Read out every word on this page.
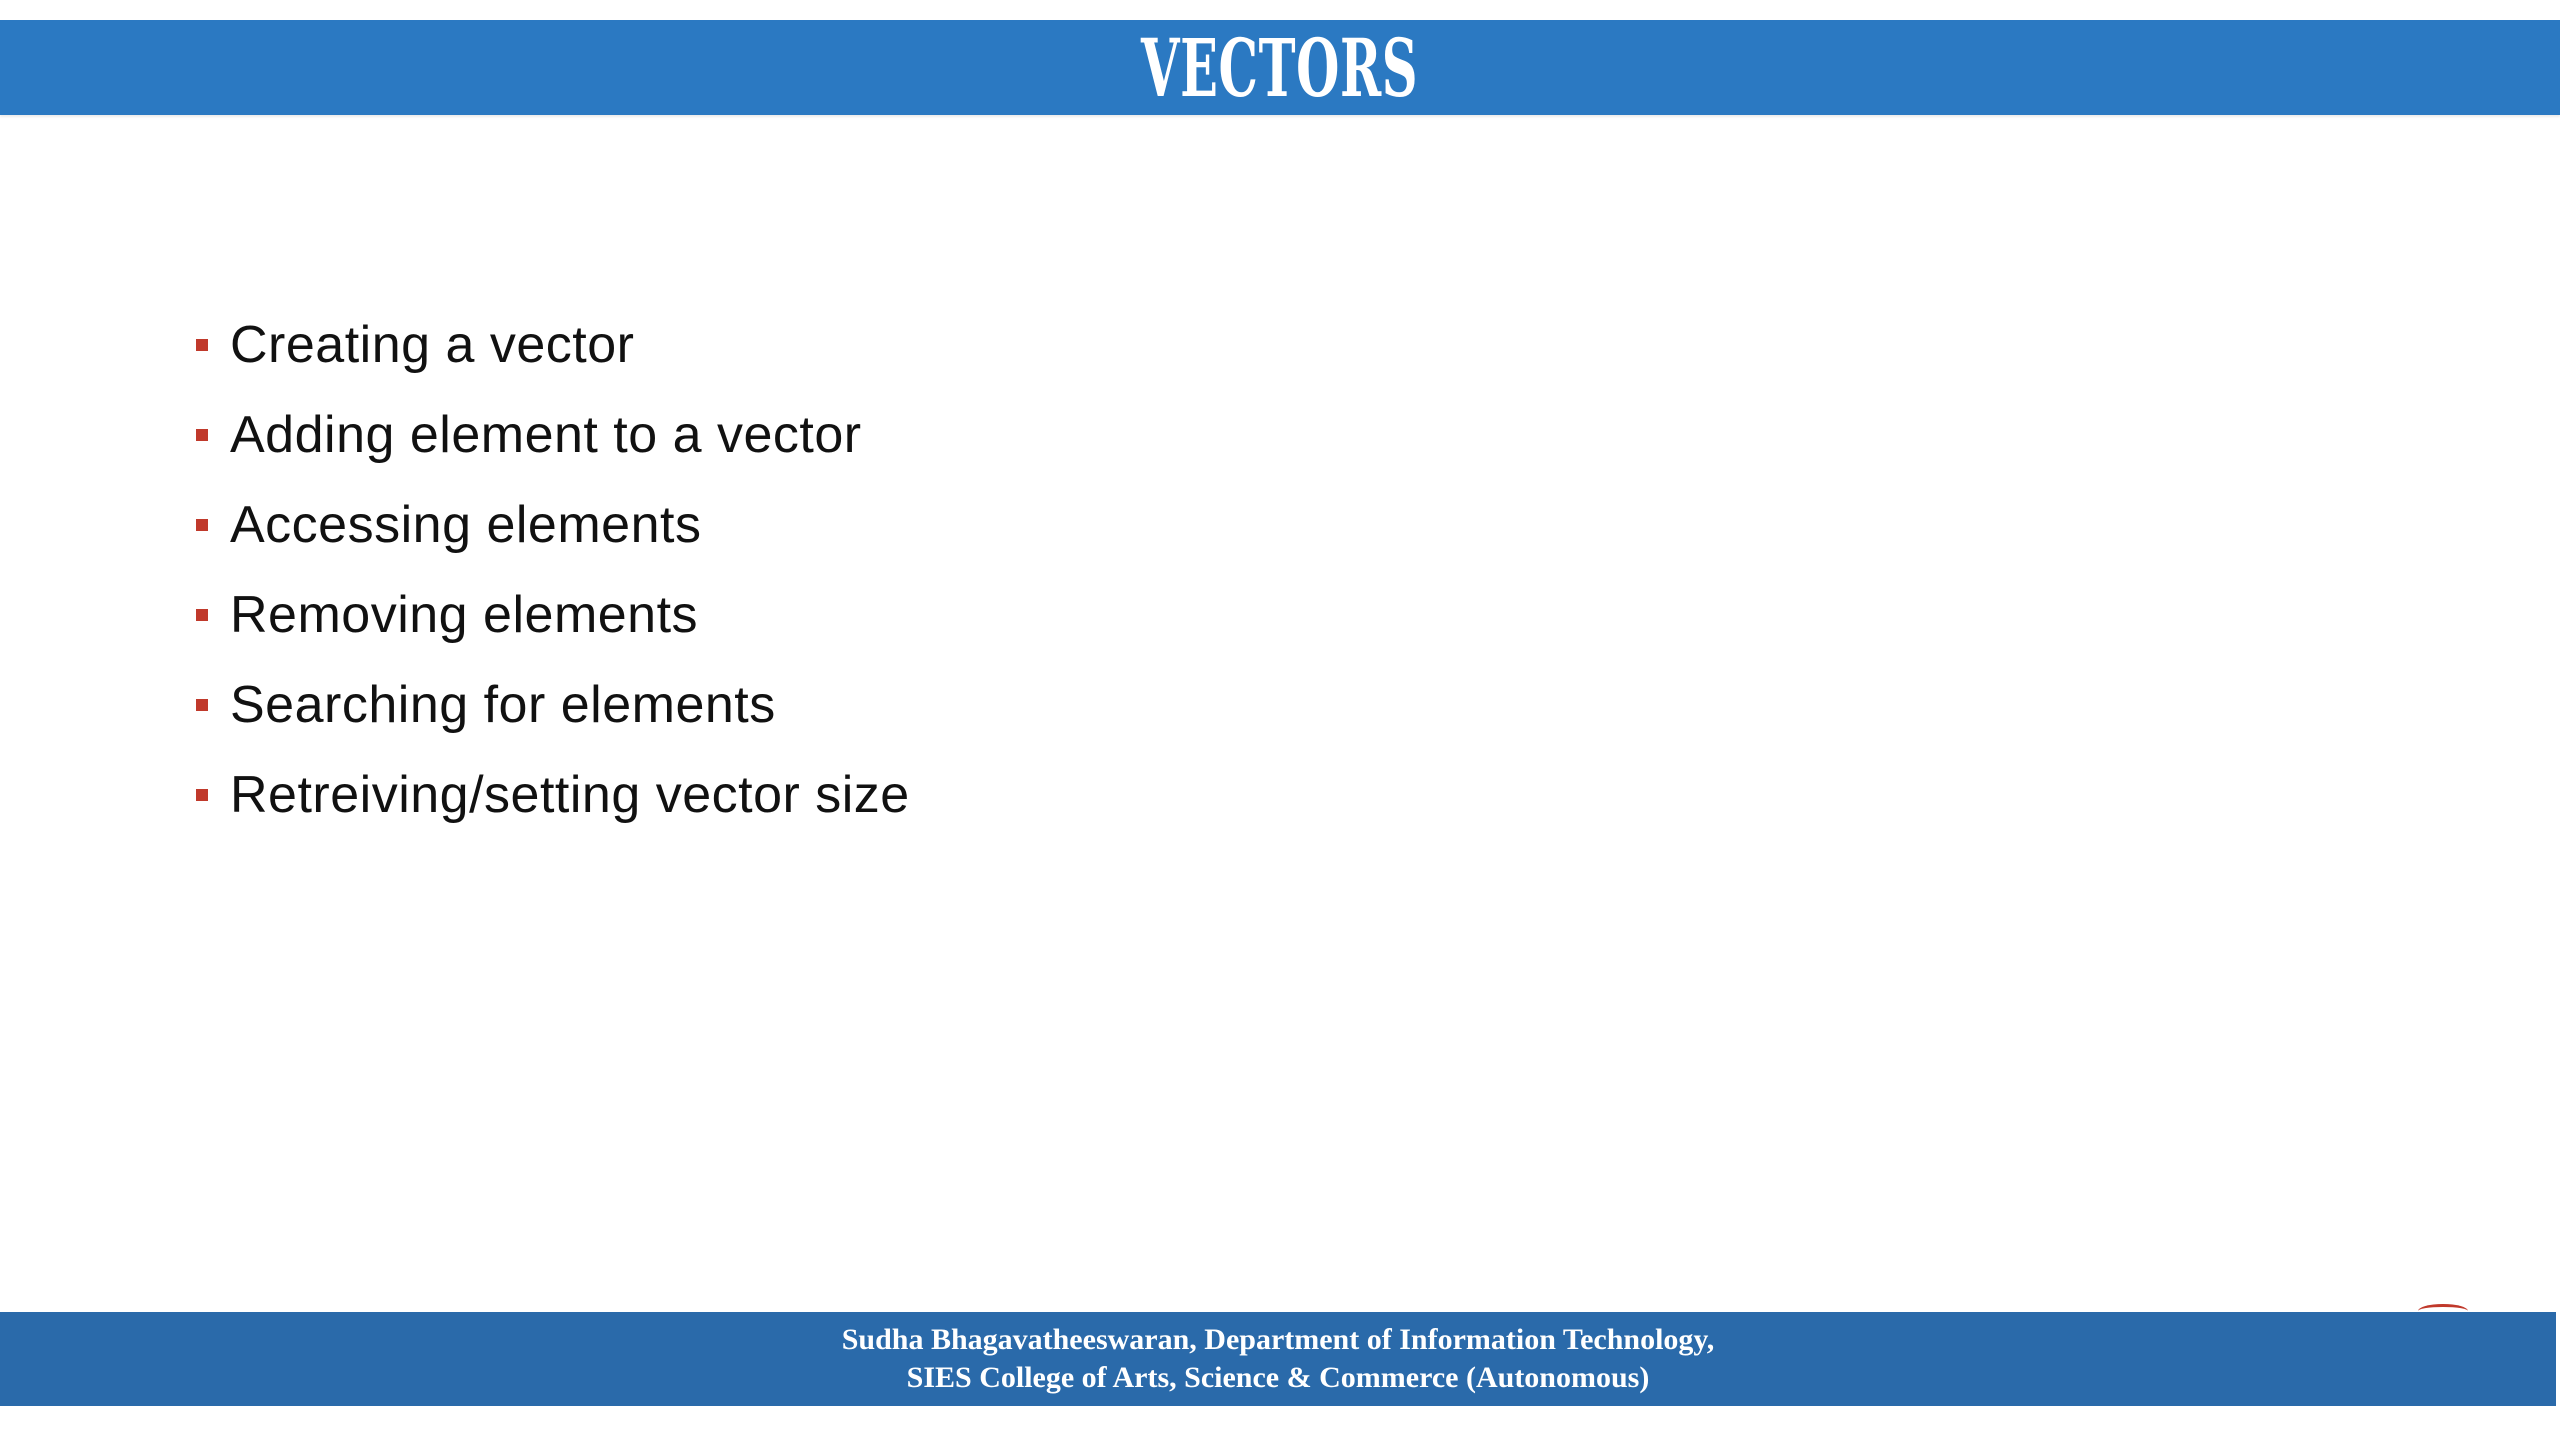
VECTORS
Creating a vector
Adding element to a vector
Accessing elements
Removing elements
Searching for elements
Retreiving/setting vector size
Sudha Bhagavatheeswaran, Department of Information Technology,
SIES College of Arts, Science & Commerce (Autonomous)
